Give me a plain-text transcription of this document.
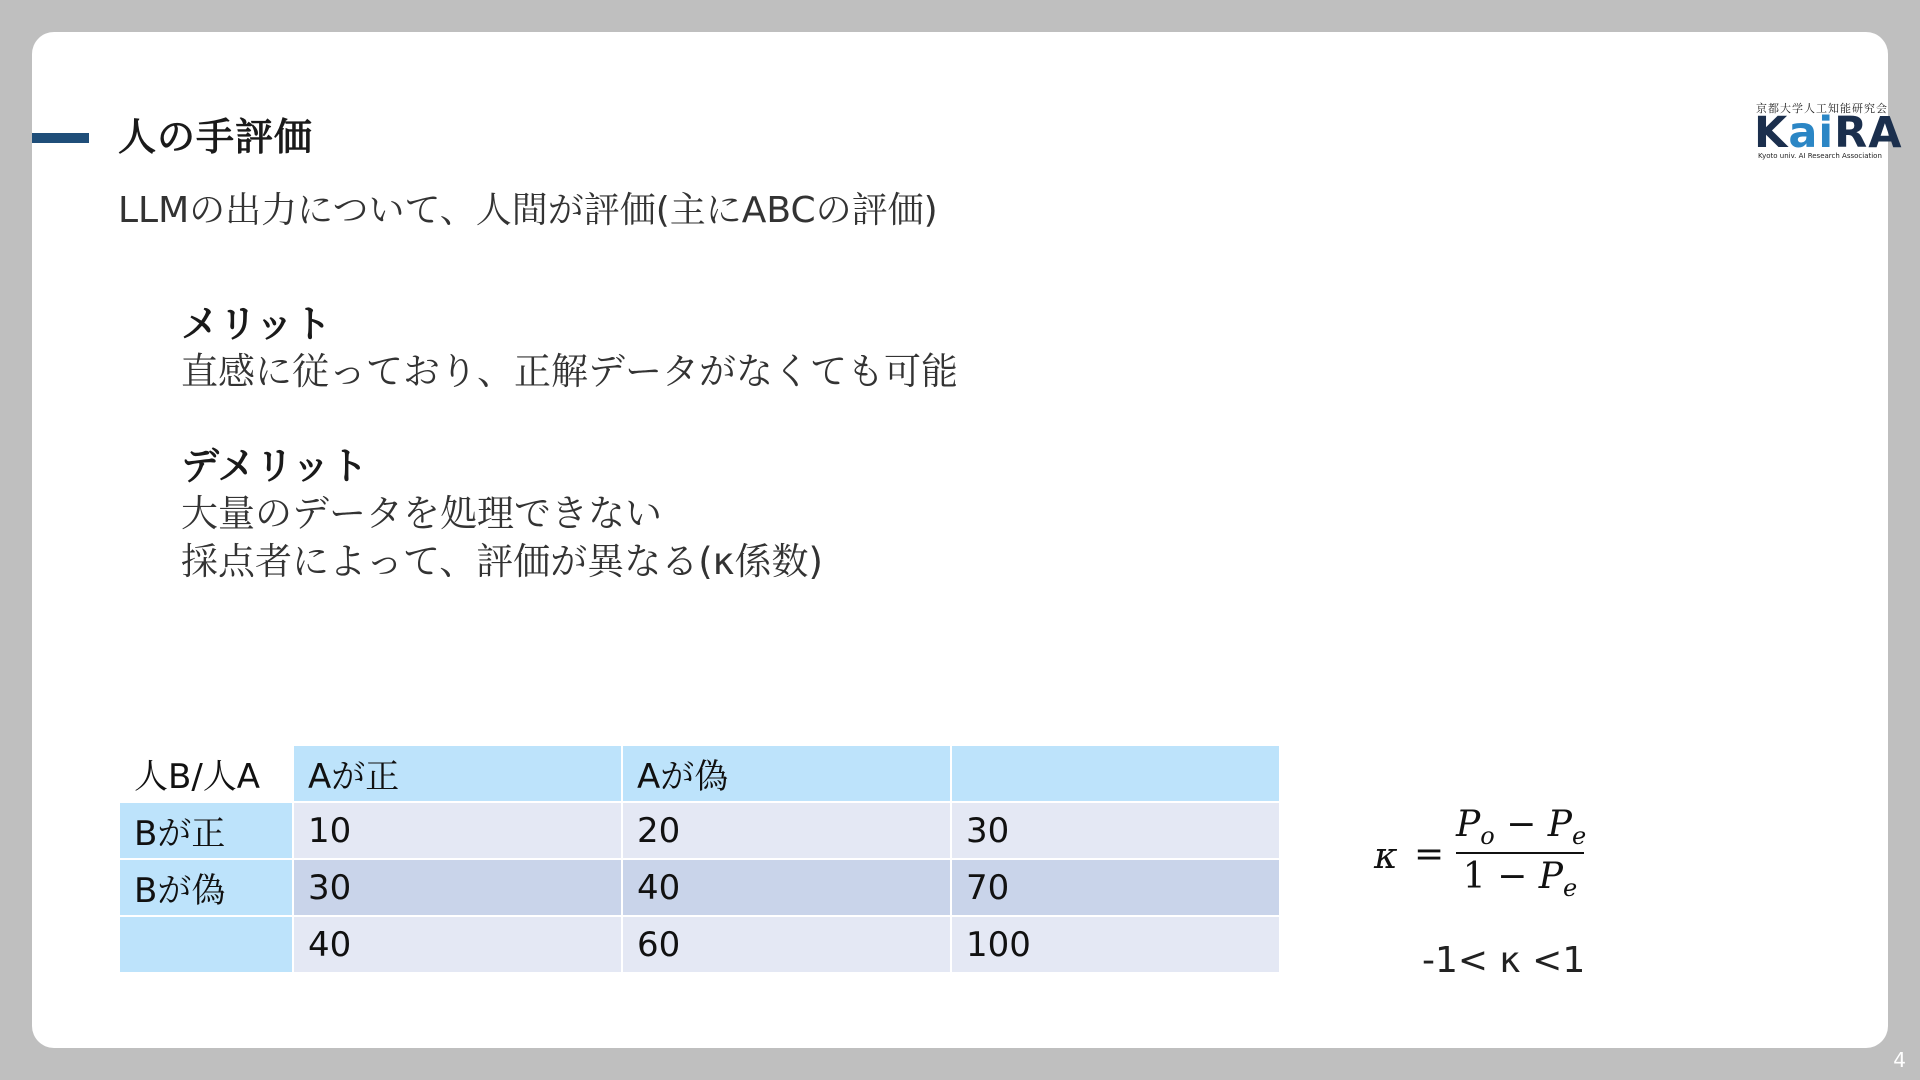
人の手評価
京都大学人工知能研究会
KaiRA
Kyoto univ. AI Research Association
LLMの出力について、人間が評価(主にABCの評価)
メリット
直感に従っており、正解データがなくても可能
デメリット
大量のデータを処理できない
採点者によって、評価が異なる(κ係数)
κ =
$P_o - P_e$
$1 - P_e$
-1< κ <1
人B/人A	Aが正	Aが偽	
Bが正	10	20	30
Bが偽	30	40	70
	40	60	100
4
